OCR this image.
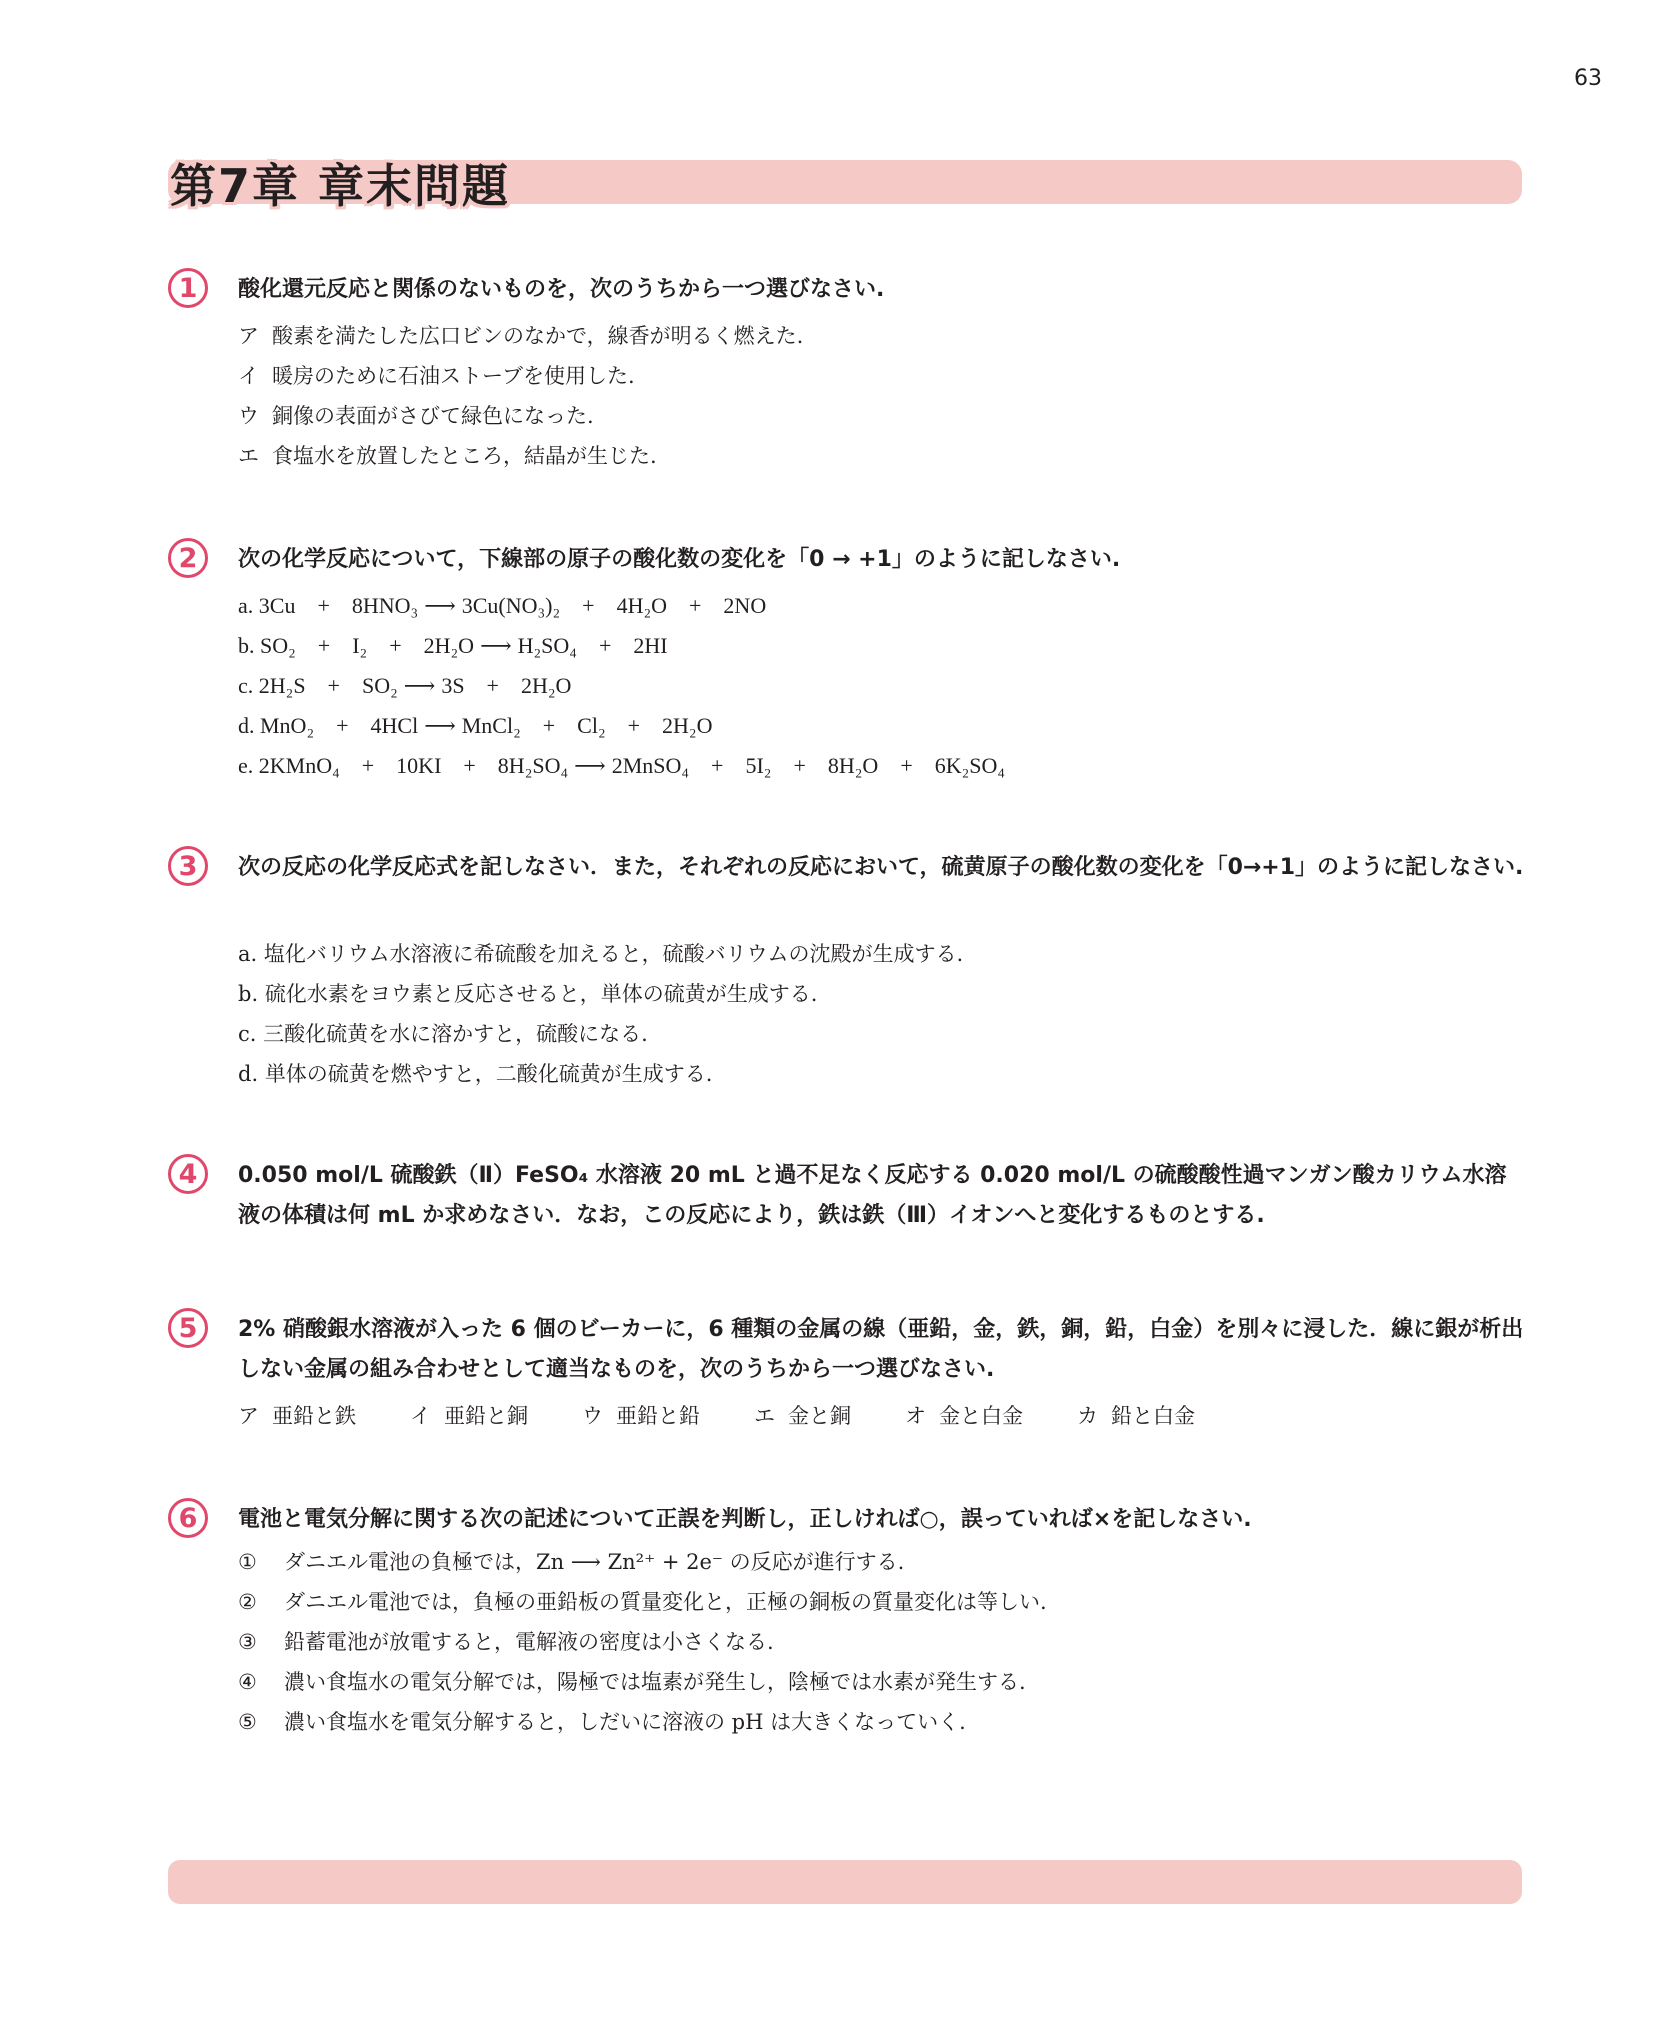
63
第7章 章末問題
1	酸化還元反応と関係のないものを，次のうちから一つ選びなさい.
ア 酸素を満たした広口ビンのなかで，線香が明るく燃えた.
イ 暖房のために石油ストーブを使用した.
ウ 銅像の表面がさびて緑色になった.
エ 食塩水を放置したところ，結晶が生じた.
2	次の化学反応について，下線部の原子の酸化数の変化を「0 → +1」のように記しなさい.
a. 3Cu　+　8HNO₃ ⟶ 3Cu(NO₃)₂　+　4H₂O　+　2NO
b. SO₂　+　I₂　+　2H₂O ⟶ H₂SO₄　+　2HI
c. 2H₂S　+　SO₂ ⟶ 3S　+　2H₂O
d. MnO₂　+　4HCl ⟶ MnCl₂　+　Cl₂　+　2H₂O
e. 2KMnO₄　+　10KI　+　8H₂SO₄ ⟶ 2MnSO₄　+　5I₂　+　8H₂O　+　6K₂SO₄
3	次の反応の化学反応式を記しなさい．また，それぞれの反応において，硫黄原子の酸化数の変化を「0→+1」のように記しなさい.
a. 塩化バリウム水溶液に希硫酸を加えると，硫酸バリウムの沈殿が生成する.
b. 硫化水素をヨウ素と反応させると，単体の硫黄が生成する.
c. 三酸化硫黄を水に溶かすと，硫酸になる.
d. 単体の硫黄を燃やすと，二酸化硫黄が生成する.
4	0.050 mol/L 硫酸鉄（Ⅱ）FeSO₄ 水溶液 20 mL と過不足なく反応する 0.020 mol/L の硫酸酸性過マンガン酸カリウム水溶液の体積は何 mL か求めなさい．なお，この反応により，鉄は鉄（Ⅲ）イオンへと変化するものとする.
5	2% 硝酸銀水溶液が入った 6 個のビーカーに，6 種類の金属の線（亜鉛，金，鉄，銅，鉛，白金）を別々に浸した．線に銀が析出しない金属の組み合わせとして適当なものを，次のうちから一つ選びなさい.
ア 亜鉛と鉄	イ 亜鉛と銅	ウ 亜鉛と鉛	エ 金と銅	オ 金と白金	カ 鉛と白金
6	電池と電気分解に関する次の記述について正誤を判断し，正しければ○，誤っていれば×を記しなさい.
① ダニエル電池の負極では，Zn ⟶ Zn²⁺ + 2e⁻ の反応が進行する.
② ダニエル電池では，負極の亜鉛板の質量変化と，正極の銅板の質量変化は等しい.
③ 鉛蓄電池が放電すると，電解液の密度は小さくなる.
④ 濃い食塩水の電気分解では，陽極では塩素が発生し，陰極では水素が発生する.
⑤ 濃い食塩水を電気分解すると，しだいに溶液の pH は大きくなっていく.
